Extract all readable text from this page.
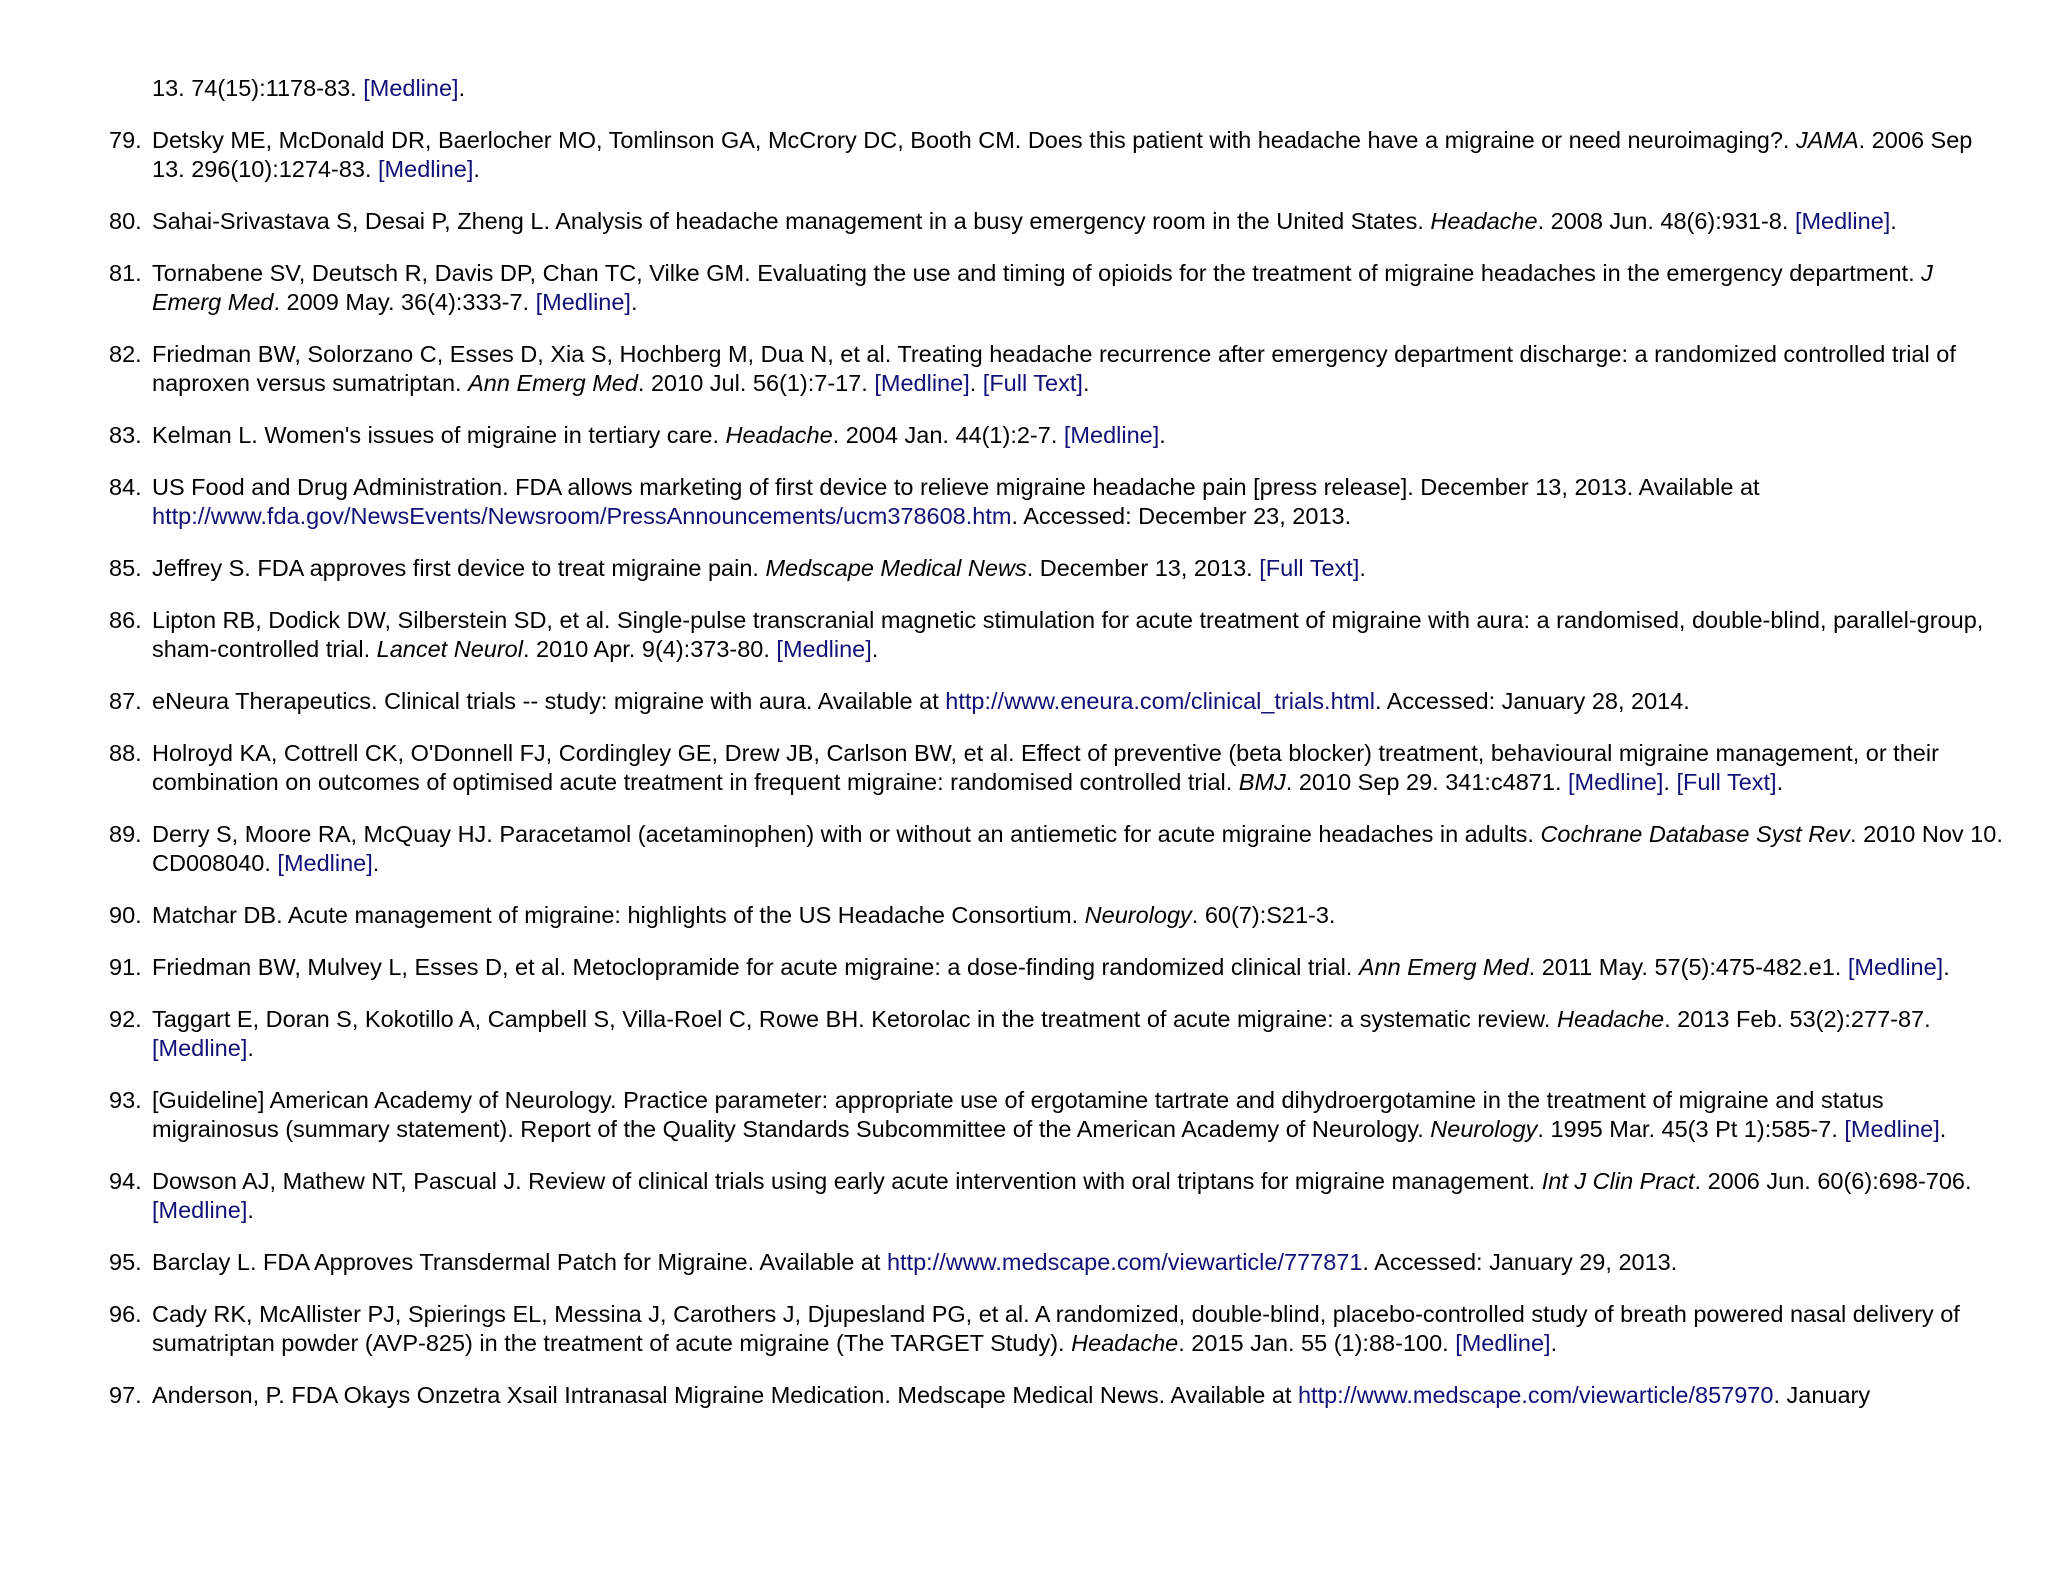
13. 74(15):1178-83. [Medline].
79. Detsky ME, McDonald DR, Baerlocher MO, Tomlinson GA, McCrory DC, Booth CM. Does this patient with headache have a migraine or need neuroimaging?. JAMA. 2006 Sep 13. 296(10):1274-83. [Medline].
80. Sahai-Srivastava S, Desai P, Zheng L. Analysis of headache management in a busy emergency room in the United States. Headache. 2008 Jun. 48(6):931-8. [Medline].
81. Tornabene SV, Deutsch R, Davis DP, Chan TC, Vilke GM. Evaluating the use and timing of opioids for the treatment of migraine headaches in the emergency department. J Emerg Med. 2009 May. 36(4):333-7. [Medline].
82. Friedman BW, Solorzano C, Esses D, Xia S, Hochberg M, Dua N, et al. Treating headache recurrence after emergency department discharge: a randomized controlled trial of naproxen versus sumatriptan. Ann Emerg Med. 2010 Jul. 56(1):7-17. [Medline]. [Full Text].
83. Kelman L. Women's issues of migraine in tertiary care. Headache. 2004 Jan. 44(1):2-7. [Medline].
84. US Food and Drug Administration. FDA allows marketing of first device to relieve migraine headache pain [press release]. December 13, 2013. Available at http://www.fda.gov/NewsEvents/Newsroom/PressAnnouncements/ucm378608.htm. Accessed: December 23, 2013.
85. Jeffrey S. FDA approves first device to treat migraine pain. Medscape Medical News. December 13, 2013. [Full Text].
86. Lipton RB, Dodick DW, Silberstein SD, et al. Single-pulse transcranial magnetic stimulation for acute treatment of migraine with aura: a randomised, double-blind, parallel-group, sham-controlled trial. Lancet Neurol. 2010 Apr. 9(4):373-80. [Medline].
87. eNeura Therapeutics. Clinical trials -- study: migraine with aura. Available at http://www.eneura.com/clinical_trials.html. Accessed: January 28, 2014.
88. Holroyd KA, Cottrell CK, O'Donnell FJ, Cordingley GE, Drew JB, Carlson BW, et al. Effect of preventive (beta blocker) treatment, behavioural migraine management, or their combination on outcomes of optimised acute treatment in frequent migraine: randomised controlled trial. BMJ. 2010 Sep 29. 341:c4871. [Medline]. [Full Text].
89. Derry S, Moore RA, McQuay HJ. Paracetamol (acetaminophen) with or without an antiemetic for acute migraine headaches in adults. Cochrane Database Syst Rev. 2010 Nov 10. CD008040. [Medline].
90. Matchar DB. Acute management of migraine: highlights of the US Headache Consortium. Neurology. 60(7):S21-3.
91. Friedman BW, Mulvey L, Esses D, et al. Metoclopramide for acute migraine: a dose-finding randomized clinical trial. Ann Emerg Med. 2011 May. 57(5):475-482.e1. [Medline].
92. Taggart E, Doran S, Kokotillo A, Campbell S, Villa-Roel C, Rowe BH. Ketorolac in the treatment of acute migraine: a systematic review. Headache. 2013 Feb. 53(2):277-87. [Medline].
93. [Guideline] American Academy of Neurology. Practice parameter: appropriate use of ergotamine tartrate and dihydroergotamine in the treatment of migraine and status migrainosus (summary statement). Report of the Quality Standards Subcommittee of the American Academy of Neurology. Neurology. 1995 Mar. 45(3 Pt 1):585-7. [Medline].
94. Dowson AJ, Mathew NT, Pascual J. Review of clinical trials using early acute intervention with oral triptans for migraine management. Int J Clin Pract. 2006 Jun. 60(6):698-706. [Medline].
95. Barclay L. FDA Approves Transdermal Patch for Migraine. Available at http://www.medscape.com/viewarticle/777871. Accessed: January 29, 2013.
96. Cady RK, McAllister PJ, Spierings EL, Messina J, Carothers J, Djupesland PG, et al. A randomized, double-blind, placebo-controlled study of breath powered nasal delivery of sumatriptan powder (AVP-825) in the treatment of acute migraine (The TARGET Study). Headache. 2015 Jan. 55 (1):88-100. [Medline].
97. Anderson, P. FDA Okays Onzetra Xsail Intranasal Migraine Medication. Medscape Medical News. Available at http://www.medscape.com/viewarticle/857970. January
